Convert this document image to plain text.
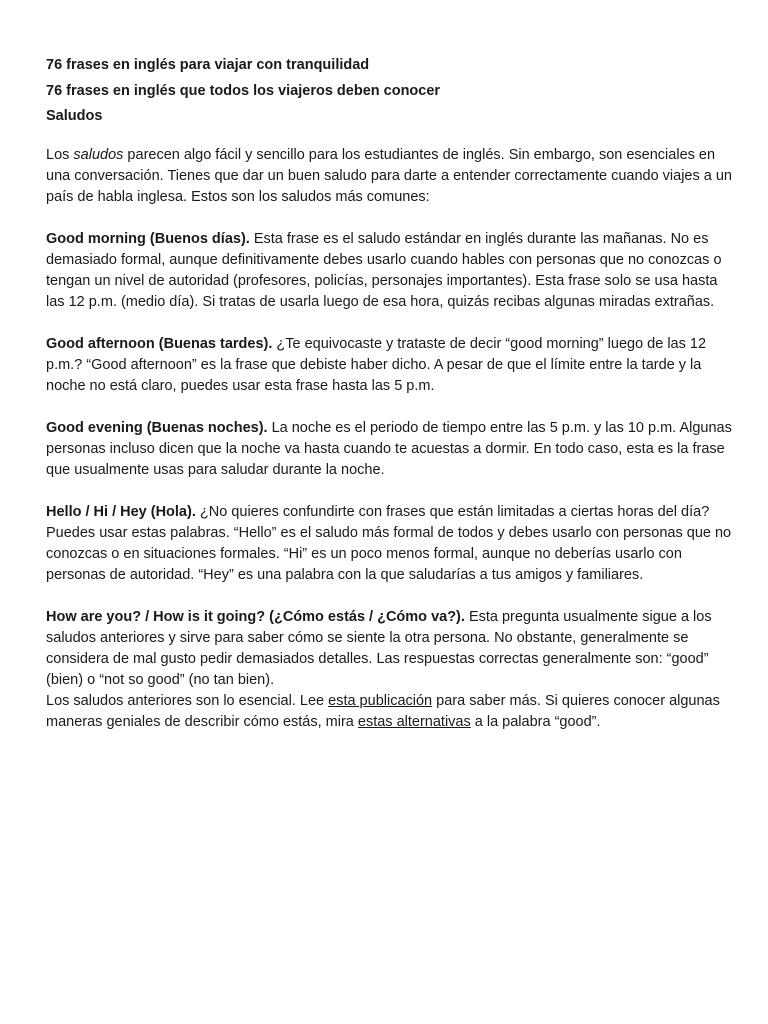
76 frases en inglés para viajar con tranquilidad
76 frases en inglés que todos los viajeros deben conocer
Saludos

Los saludos parecen algo fácil y sencillo para los estudiantes de inglés. Sin embargo, son esenciales en una conversación. Tienes que dar un buen saludo para darte a entender correctamente cuando viajes a un país de habla inglesa. Estos son los saludos más comunes:

Good morning (Buenos días). Esta frase es el saludo estándar en inglés durante las mañanas. No es demasiado formal, aunque definitivamente debes usarlo cuando hables con personas que no conozcas o tengan un nivel de autoridad (profesores, policías, personajes importantes). Esta frase solo se usa hasta las 12 p.m. (medio día). Si tratas de usarla luego de esa hora, quizás recibas algunas miradas extrañas.

Good afternoon (Buenas tardes). ¿Te equivocaste y trataste de decir “good morning” luego de las 12 p.m.? “Good afternoon” es la frase que debiste haber dicho. A pesar de que el límite entre la tarde y la noche no está claro, puedes usar esta frase hasta las 5 p.m.

Good evening (Buenas noches). La noche es el periodo de tiempo entre las 5 p.m. y las 10 p.m. Algunas personas incluso dicen que la noche va hasta cuando te acuestas a dormir. En todo caso, esta es la frase que usualmente usas para saludar durante la noche.

Hello / Hi / Hey (Hola). ¿No quieres confundirte con frases que están limitadas a ciertas horas del día? Puedes usar estas palabras. “Hello” es el saludo más formal de todos y debes usarlo con personas que no conozcas o en situaciones formales. “Hi” es un poco menos formal, aunque no deberías usarlo con personas de autoridad. “Hey” es una palabra con la que saludarías a tus amigos y familiares.

How are you? / How is it going? (¿Cómo estás / ¿Cómo va?). Esta pregunta usualmente sigue a los saludos anteriores y sirve para saber cómo se siente la otra persona. No obstante, generalmente se considera de mal gusto pedir demasiados detalles. Las respuestas correctas generalmente son: “good” (bien) o “not so good” (no tan bien).

Los saludos anteriores son lo esencial. Lee esta publicación para saber más. Si quieres conocer algunas maneras geniales de describir cómo estás, mira estas alternativas a la palabra “good”.
